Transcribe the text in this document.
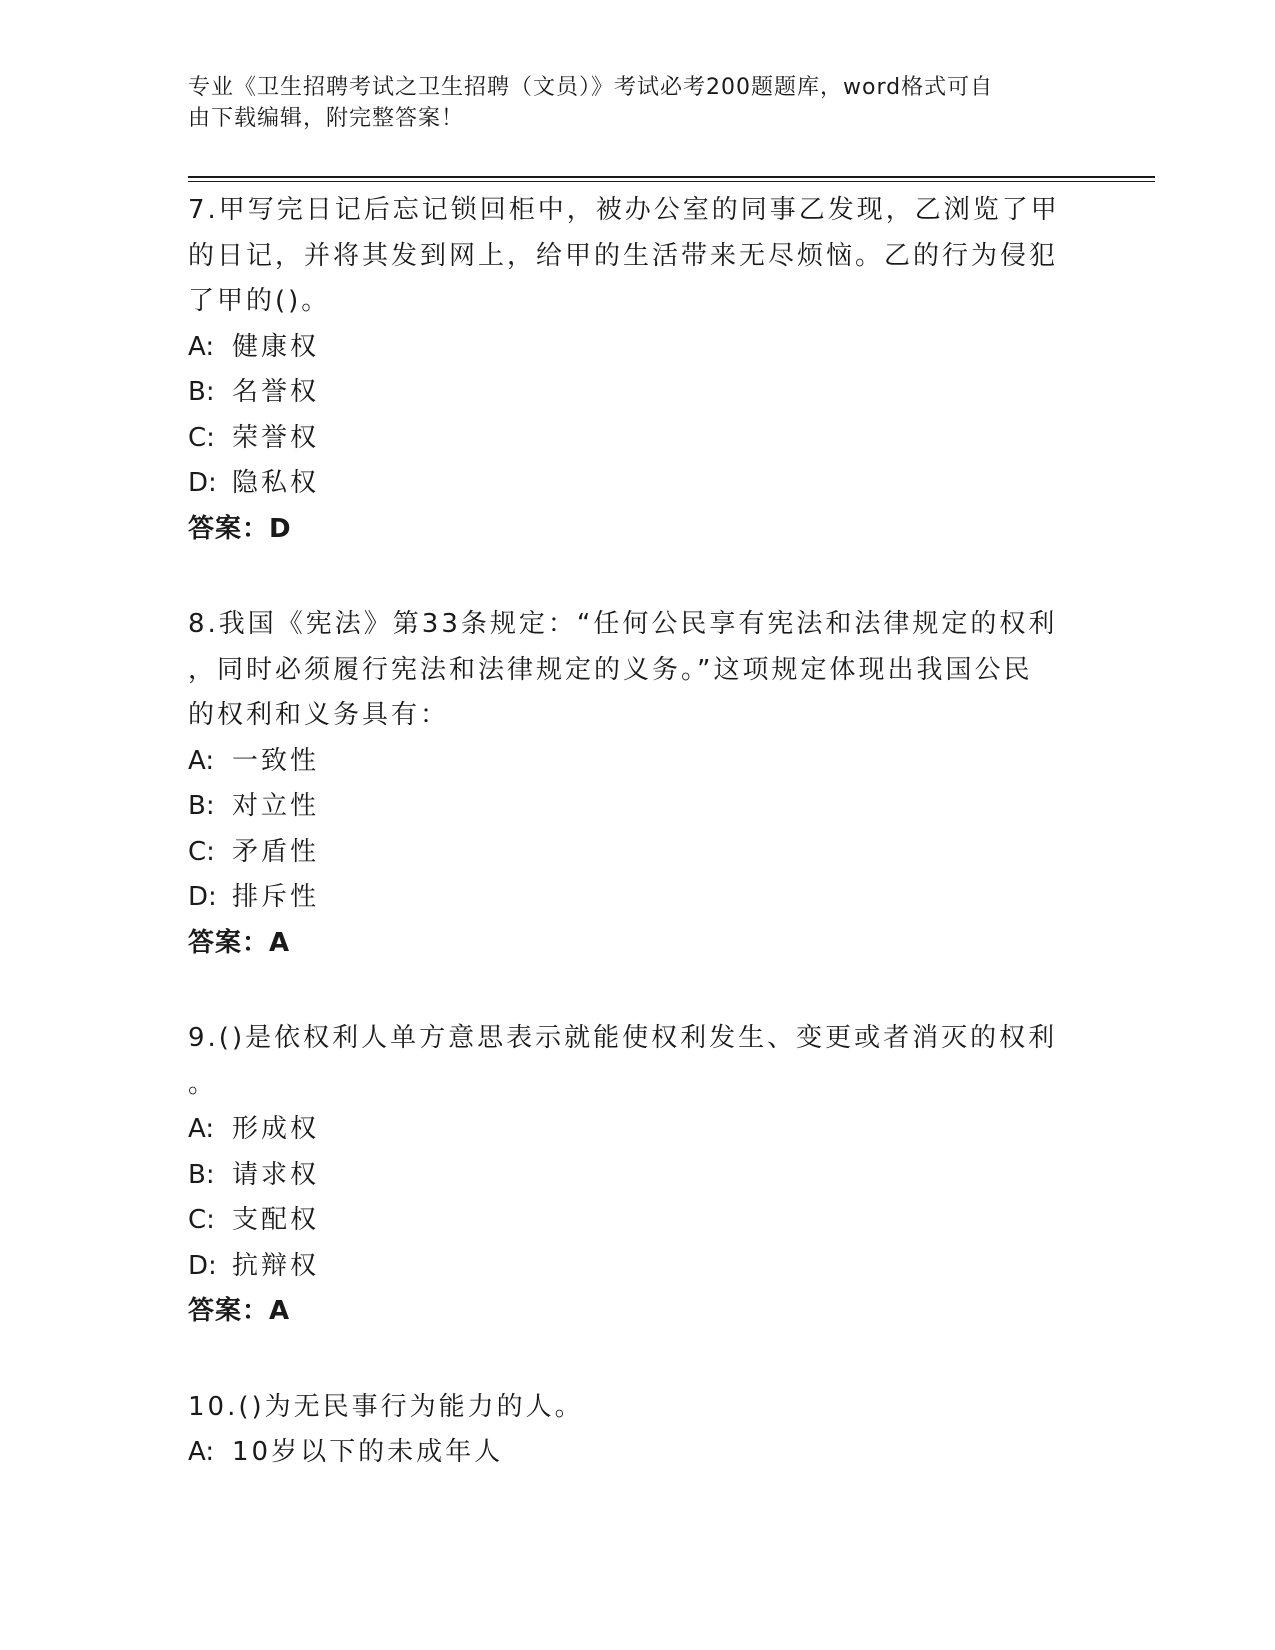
专业《卫生招聘考试之卫生招聘（文员）》考试必考200题题库，word格式可自
由下载编辑，附完整答案！
7.甲写完日记后忘记锁回柜中，被办公室的同事乙发现，乙浏览了甲
的日记，并将其发到网上，给甲的生活带来无尽烦恼。乙的行为侵犯
了甲的()。
A: 健康权
B: 名誉权
C: 荣誉权
D: 隐私权
答案：D
8.我国《宪法》第33条规定：“任何公民享有宪法和法律规定的权利
，同时必须履行宪法和法律规定的义务。”这项规定体现出我国公民
的权利和义务具有：
A: 一致性
B: 对立性
C: 矛盾性
D: 排斥性
答案：A
9.()是依权利人单方意思表示就能使权利发生、变更或者消灭的权利
。
A: 形成权
B: 请求权
C: 支配权
D: 抗辩权
答案：A
10.()为无民事行为能力的人。
A: 10岁以下的未成年人
